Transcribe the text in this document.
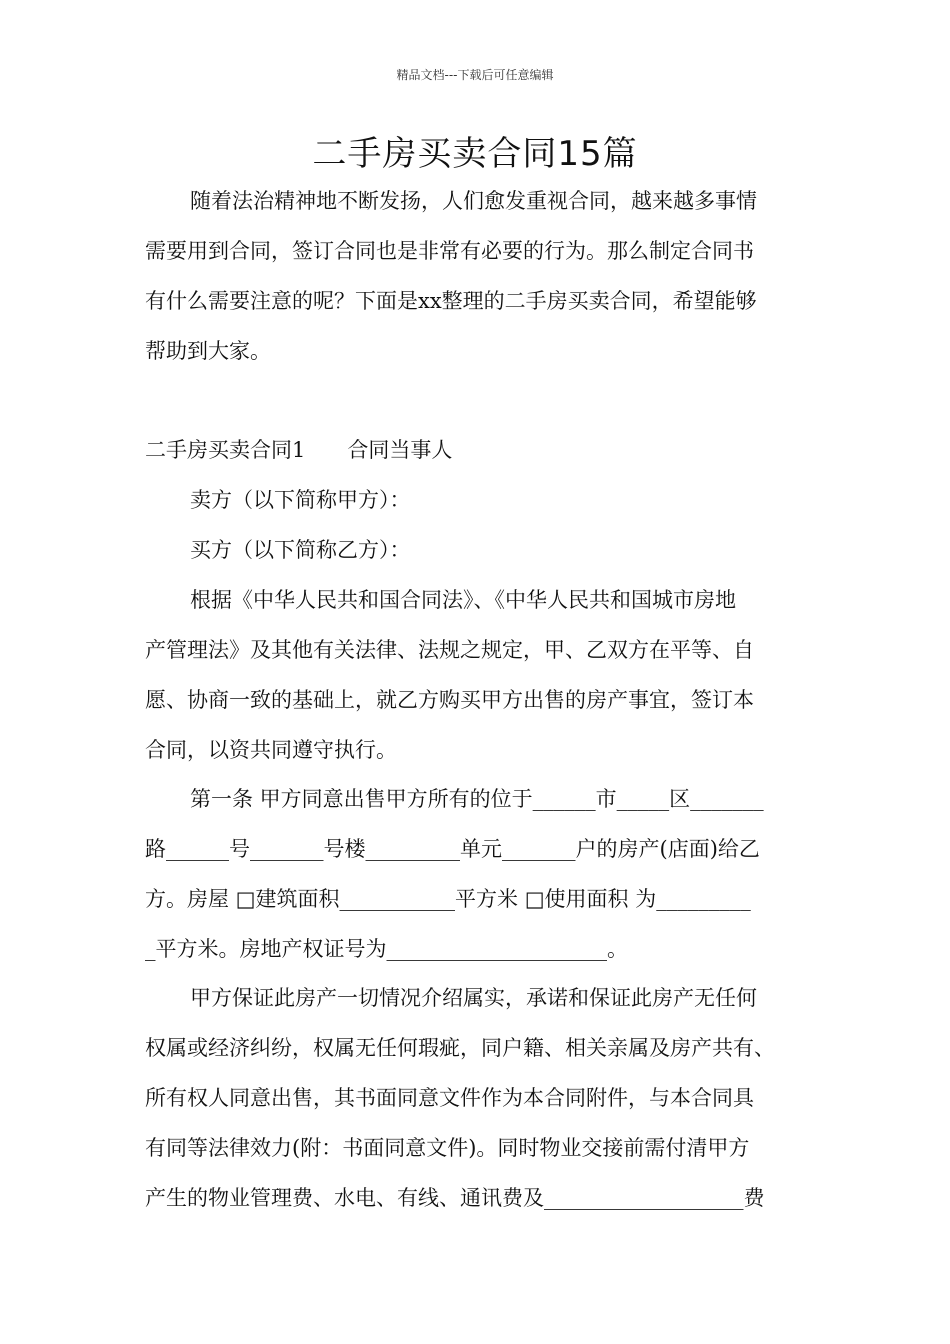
精品文档---下载后可任意编辑
二手房买卖合同15篇
随着法治精神地不断发扬，人们愈发重视合同，越来越多事情
需要用到合同，签订合同也是非常有必要的行为。那么制定合同书
有什么需要注意的呢？下面是xx整理的二手房买卖合同，希望能够
帮助到大家。
二手房买卖合同1　　合同当事人
卖方（以下简称甲方）：
买方（以下简称乙方）：
根据《中华人民共和国合同法》、《中华人民共和国城市房地
产管理法》及其他有关法律、法规之规定，甲、乙双方在平等、自
愿、协商一致的基础上，就乙方购买甲方出售的房产事宜，签订本
合同，以资共同遵守执行。
第一条 甲方同意出售甲方所有的位于______市_____区_______
路______号_______号楼_________单元_______户的房产(店面)给乙
方。房屋 □建筑面积___________平方米 □使用面积 为_________
_平方米。房地产权证号为_____________________。
甲方保证此房产一切情况介绍属实，承诺和保证此房产无任何
权属或经济纠纷，权属无任何瑕疵，同户籍、相关亲属及房产共有、
所有权人同意出售，其书面同意文件作为本合同附件，与本合同具
有同等法律效力(附：书面同意文件)。同时物业交接前需付清甲方
产生的物业管理费、水电、有线、通讯费及___________________费
